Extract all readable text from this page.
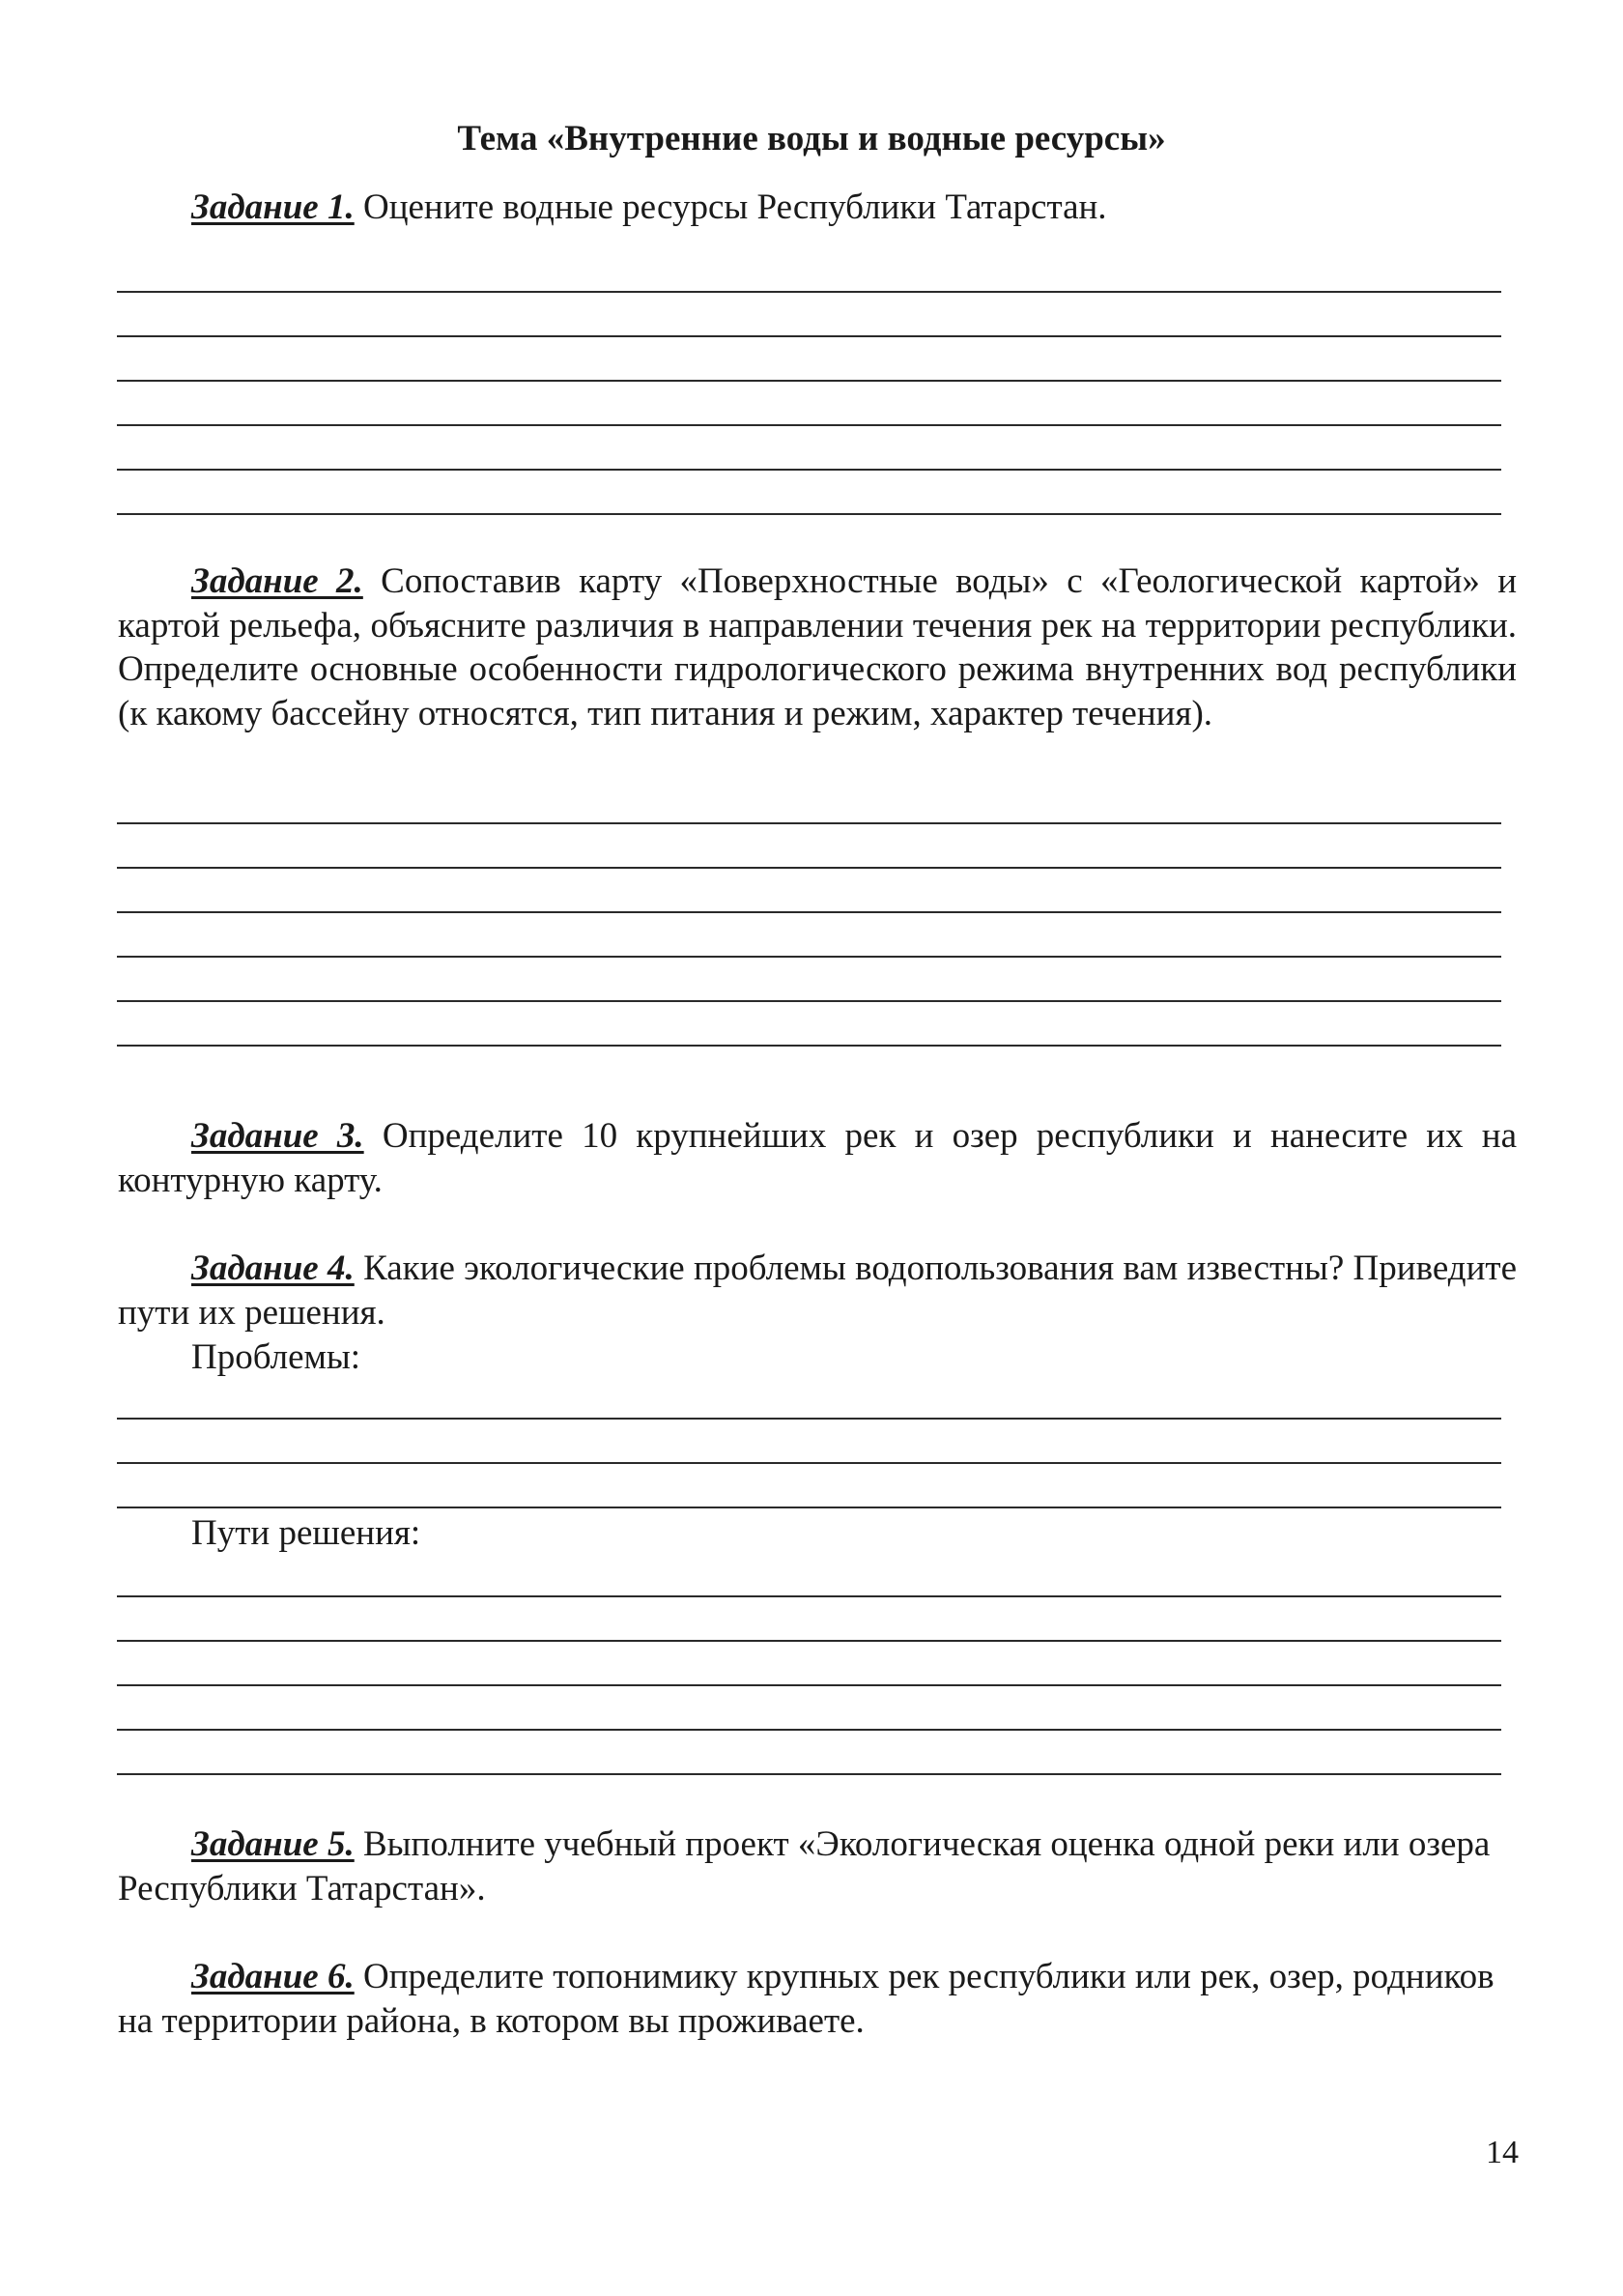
Тема «Внутренние воды и водные ресурсы»

Задание 1. Оцените водные ресурсы Республики Татарстан.

Задание 2. Сопоставив карту «Поверхностные воды» с «Геологической картой» и картой рельефа, объясните различия в направлении течения рек на территории республики. Определите основные особенности гидрологического режима внутренних вод республики (к какому бассейну относятся, тип питания и режим, характер течения).

Задание 3. Определите 10 крупнейших рек и озер республики и нанесите их на контурную карту.

Задание 4. Какие экологические проблемы водопользования вам известны? Приведите пути их решения.

Проблемы:
Пути решения:

Задание 5. Выполните учебный проект «Экологическая оценка одной реки или озера Республики Татарстан».

Задание 6. Определите топонимику крупных рек республики или рек, озер, родников на территории района, в котором вы проживаете.

14
